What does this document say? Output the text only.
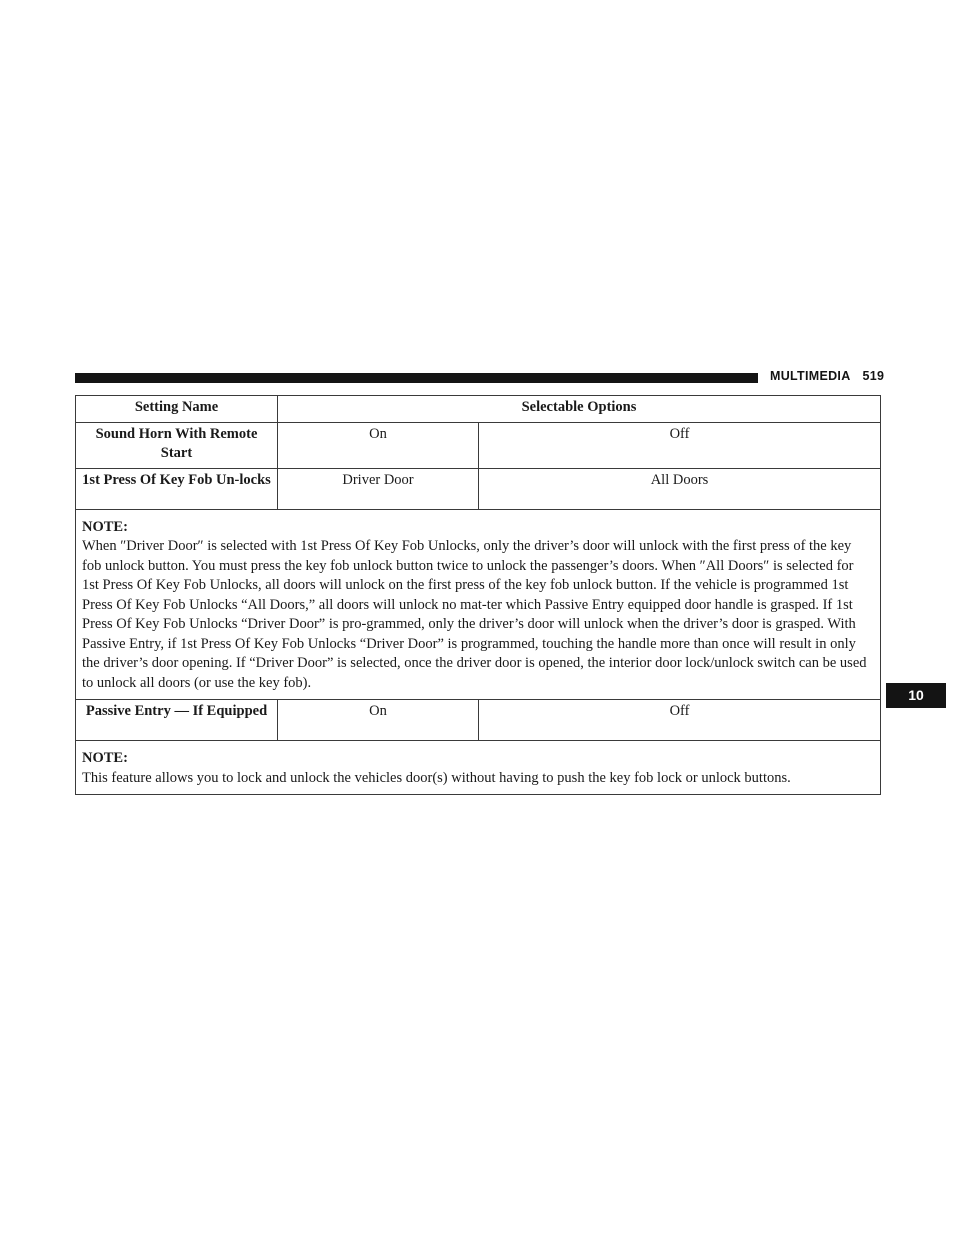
MULTIMEDIA 519
10
Setting Name	Selectable Options	
Sound Horn With Remote Start	On	Off
1st Press Of Key Fob Un-locks	Driver Door	All Doors

NOTE:
When ″Driver Door″ is selected with 1st Press Of Key Fob Unlocks, only the driver’s door will unlock with the first press of the key fob unlock button. You must press the key fob unlock button twice to unlock the passenger’s doors. When ″All Doors″ is selected for 1st Press Of Key Fob Unlocks, all doors will unlock on the first press of the key fob unlock button. If the vehicle is programmed 1st Press Of Key Fob Unlocks “All Doors,” all doors will unlock no mat-ter which Passive Entry equipped door handle is grasped. If 1st Press Of Key Fob Unlocks “Driver Door” is pro-grammed, only the driver’s door will unlock when the driver’s door is grasped. With Passive Entry, if 1st Press Of Key Fob Unlocks “Driver Door” is programmed, touching the handle more than once will result in only the driver’s door opening. If “Driver Door” is selected, once the driver door is opened, the interior door lock/unlock switch can be used to unlock all doors (or use the key fob).		

Passive Entry — If Equipped	On	Off

NOTE:
This feature allows you to lock and unlock the vehicles door(s) without having to push the key fob lock or unlock buttons.		
